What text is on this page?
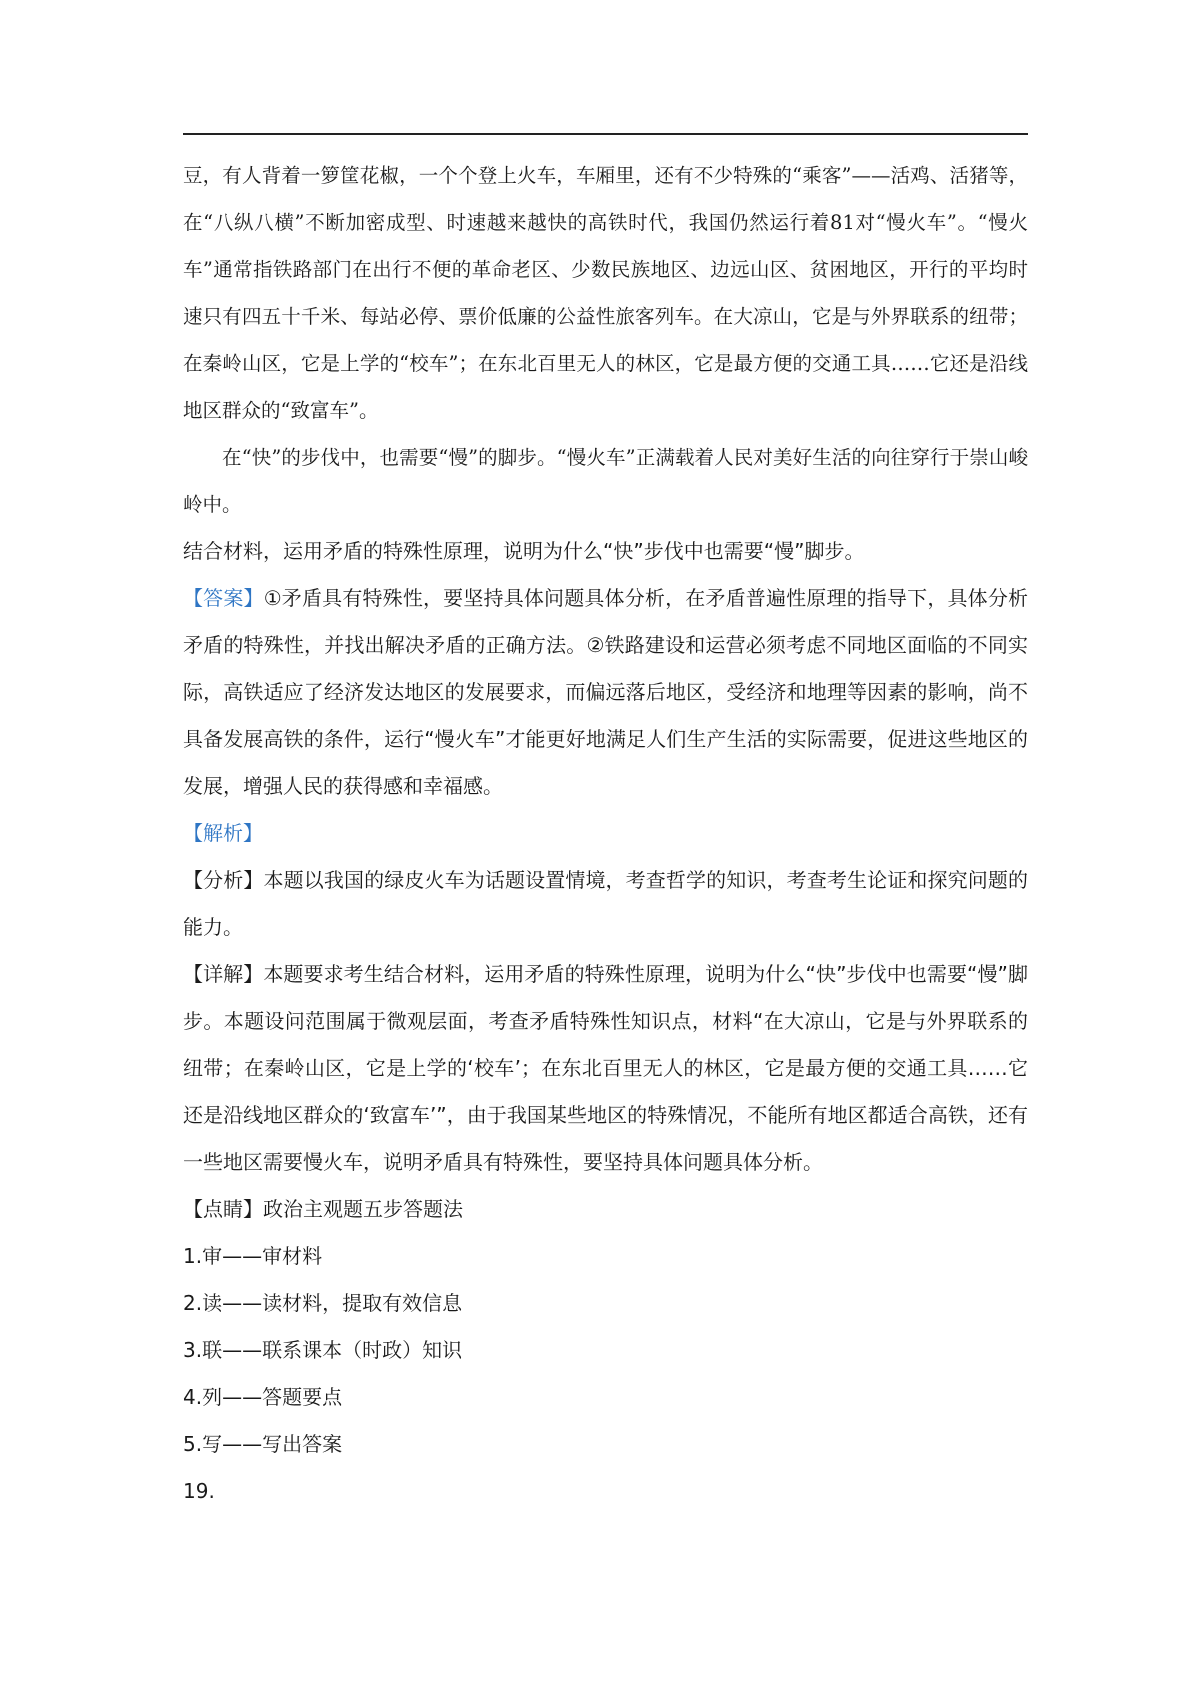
豆，有人背着一箩筐花椒，一个个登上火车，车厢里，还有不少特殊的“乘客”——活鸡、活猪等，在“八纵八横”不断加密成型、时速越来越快的高铁时代，我国仍然运行着81对“慢火车”。“慢火车”通常指铁路部门在出行不便的革命老区、少数民族地区、边远山区、贫困地区，开行的平均时速只有四五十千米、每站必停、票价低廉的公益性旅客列车。在大凉山，它是与外界联系的纽带；在秦岭山区，它是上学的“校车”；在东北百里无人的林区，它是最方便的交通工具……它还是沿线地区群众的“致富车”。

在“快”的步伐中，也需要“慢”的脚步。“慢火车”正满载着人民对美好生活的向往穿行于崇山峻岭中。

结合材料，运用矛盾的特殊性原理，说明为什么“快”步伐中也需要“慢”脚步。

【答案】①矛盾具有特殊性，要坚持具体问题具体分析，在矛盾普遍性原理的指导下，具体分析矛盾的特殊性，并找出解决矛盾的正确方法。②铁路建设和运营必须考虑不同地区面临的不同实际，高铁适应了经济发达地区的发展要求，而偏远落后地区，受经济和地理等因素的影响，尚不具备发展高铁的条件，运行“慢火车”才能更好地满足人们生产生活的实际需要，促进这些地区的发展，增强人民的获得感和幸福感。

【解析】

【分析】本题以我国的绿皮火车为话题设置情境，考查哲学的知识，考查考生论证和探究问题的能力。

【详解】本题要求考生结合材料，运用矛盾的特殊性原理，说明为什么“快”步伐中也需要“慢”脚步。本题设问范围属于微观层面，考查矛盾特殊性知识点，材料“在大凉山，它是与外界联系的纽带；在秦岭山区，它是上学的‘校车’；在东北百里无人的林区，它是最方便的交通工具……它还是沿线地区群众的‘致富车’”，由于我国某些地区的特殊情况，不能所有地区都适合高铁，还有一些地区需要慢火车，说明矛盾具有特殊性，要坚持具体问题具体分析。

【点睛】政治主观题五步答题法

1.审——审材料

2.读——读材料，提取有效信息

3.联——联系课本（时政）知识

4.列——答题要点

5.写——写出答案

19.
